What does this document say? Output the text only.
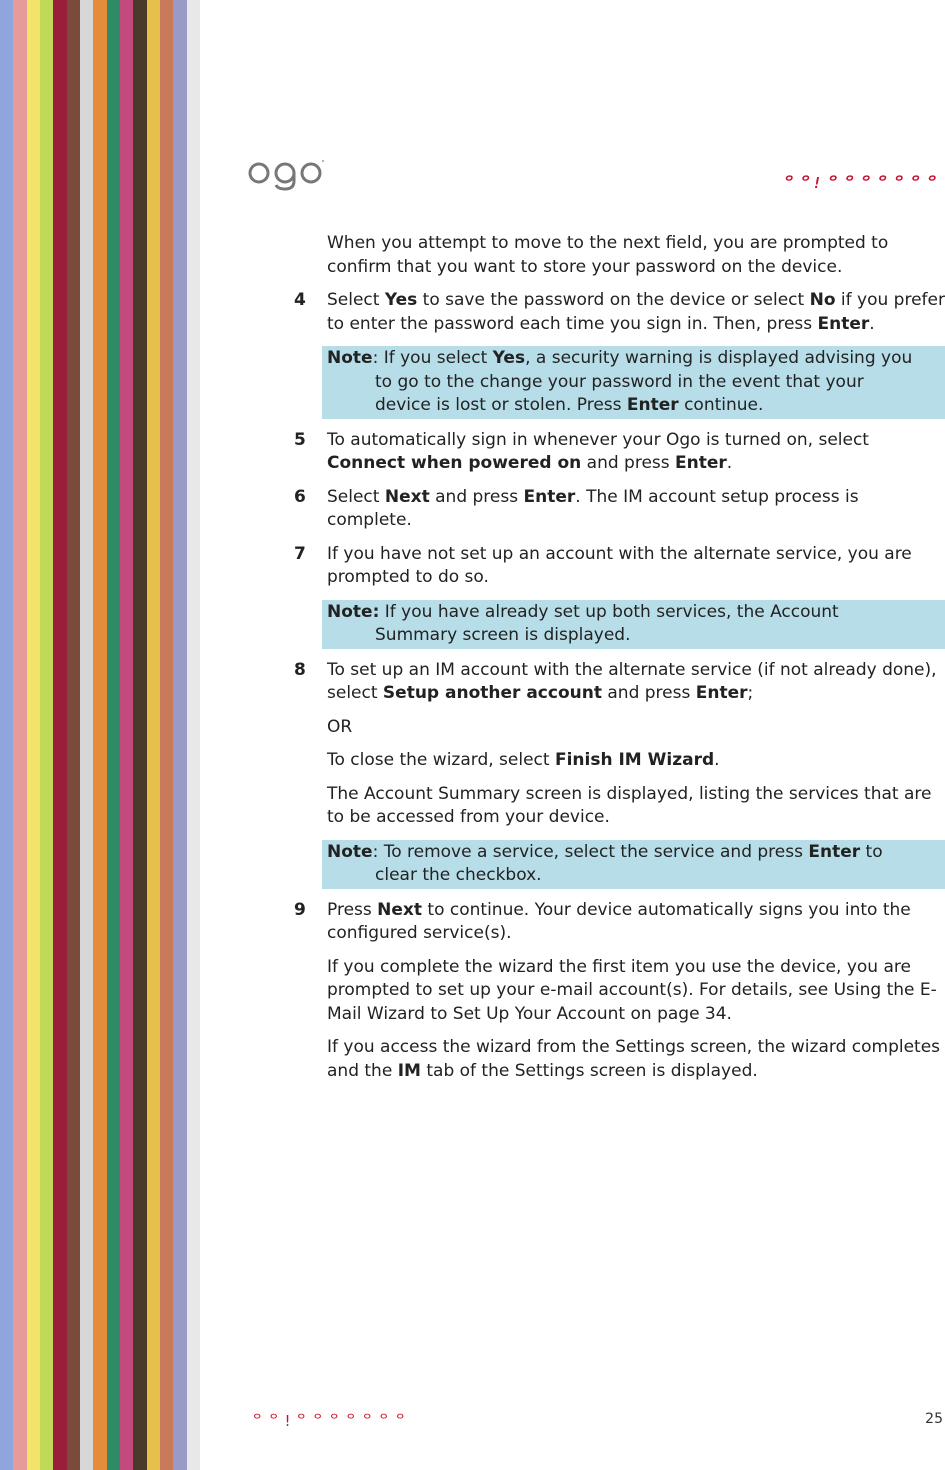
ᄋᄋ!ᄋᄋᄋᄋᄋᄋᄋ

When you attempt to move to the next field, you are prompted to confirm that you want to store your password on the device.

4 Select Yes to save the password on the device or select No if you prefer to enter the password each time you sign in. Then, press Enter.
Note: If you select Yes, a security warning is displayed advising you
to go to the change your password in the event that your
device is lost or stolen. Press Enter continue.
5 To automatically sign in whenever your Ogo is turned on, select Connect when powered on and press Enter.
6 Select Next and press Enter. The IM account setup process is complete.
7 If you have not set up an account with the alternate service, you are prompted to do so.
Note: If you have already set up both services, the Account
Summary screen is displayed.
8 To set up an IM account with the alternate service (if not already done), select Setup another account and press Enter;

OR

To close the wizard, select Finish IM Wizard.

The Account Summary screen is displayed, listing the services that are to be accessed from your device.

Note: To remove a service, select the service and press Enter to
clear the checkbox.
9 Press Next to continue. Your device automatically signs you into the configured service(s).

If you complete the wizard the first item you use the device, you are prompted to set up your e-mail account(s). For details, see Using the E-Mail Wizard to Set Up Your Account on page 34.

If you access the wizard from the Settings screen, the wizard completes and the IM tab of the Settings screen is displayed.

ᄋᄋ!ᄋᄋᄋᄋᄋᄋᄋ	25
